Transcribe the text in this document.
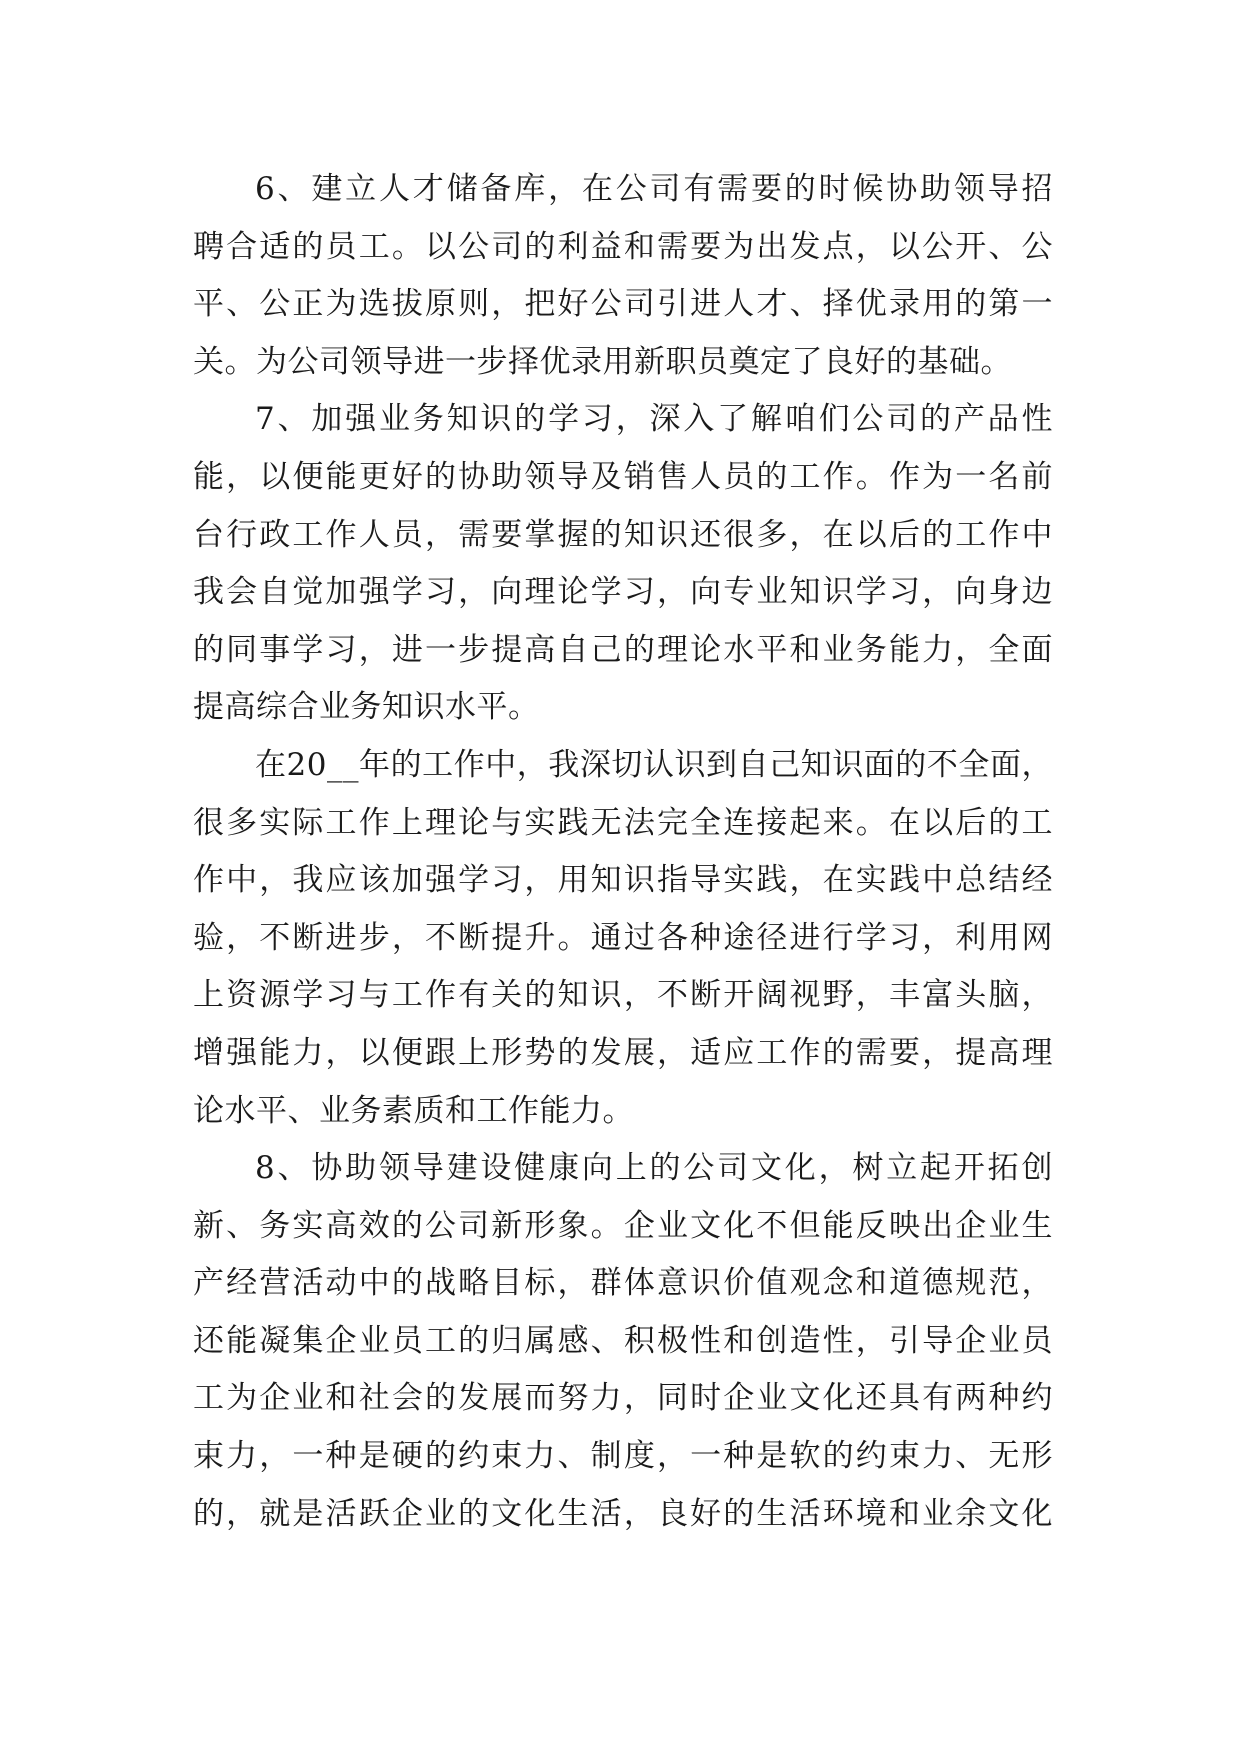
6、建立人才储备库，在公司有需要的时候协助领导招
聘合适的员工。以公司的利益和需要为出发点，以公开、公
平、公正为选拔原则，把好公司引进人才、择优录用的第一
关。为公司领导进一步择优录用新职员奠定了良好的基础。
7、加强业务知识的学习，深入了解咱们公司的产品性
能，以便能更好的协助领导及销售人员的工作。作为一名前
台行政工作人员，需要掌握的知识还很多，在以后的工作中
我会自觉加强学习，向理论学习，向专业知识学习，向身边
的同事学习，进一步提高自己的理论水平和业务能力，全面
提高综合业务知识水平。
在20__年的工作中，我深切认识到自己知识面的不全面，
很多实际工作上理论与实践无法完全连接起来。在以后的工
作中，我应该加强学习，用知识指导实践，在实践中总结经
验，不断进步，不断提升。通过各种途径进行学习，利用网
上资源学习与工作有关的知识，不断开阔视野，丰富头脑，
增强能力，以便跟上形势的发展，适应工作的需要，提高理
论水平、业务素质和工作能力。
8、协助领导建设健康向上的公司文化，树立起开拓创
新、务实高效的公司新形象。企业文化不但能反映出企业生
产经营活动中的战略目标，群体意识价值观念和道德规范，
还能凝集企业员工的归属感、积极性和创造性，引导企业员
工为企业和社会的发展而努力，同时企业文化还具有两种约
束力，一种是硬的约束力、制度，一种是软的约束力、无形
的，就是活跃企业的文化生活，良好的生活环境和业余文化
